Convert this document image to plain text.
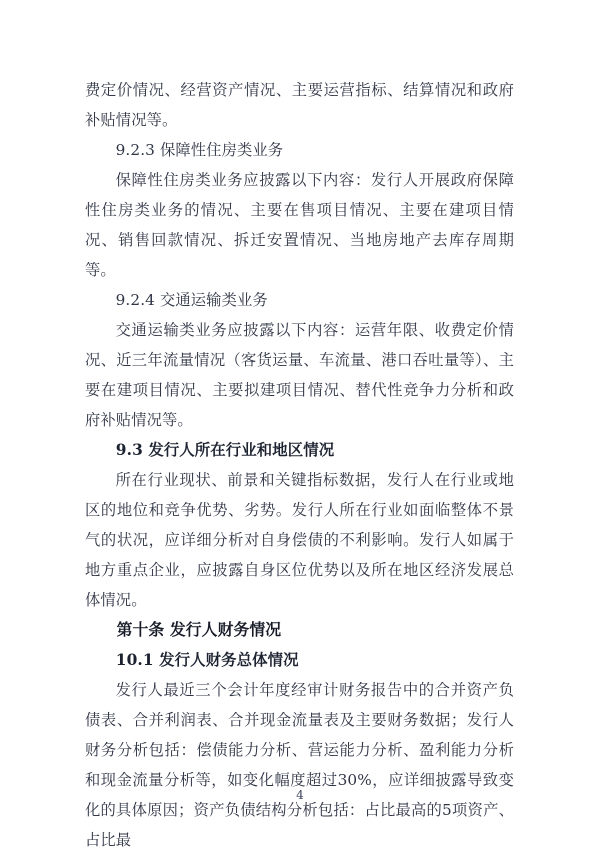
费定价情况、经营资产情况、主要运营指标、结算情况和政府补贴情况等。
9.2.3 保障性住房类业务
保障性住房类业务应披露以下内容：发行人开展政府保障性住房类业务的情况、主要在售项目情况、主要在建项目情况、销售回款情况、拆迁安置情况、当地房地产去库存周期等。
9.2.4 交通运输类业务
交通运输类业务应披露以下内容：运营年限、收费定价情况、近三年流量情况（客货运量、车流量、港口吞吐量等）、主要在建项目情况、主要拟建项目情况、替代性竞争力分析和政府补贴情况等。
9.3 发行人所在行业和地区情况
所在行业现状、前景和关键指标数据，发行人在行业或地区的地位和竞争优势、劣势。发行人所在行业如面临整体不景气的状况，应详细分析对自身偿债的不利影响。发行人如属于地方重点企业，应披露自身区位优势以及所在地区经济发展总体情况。
第十条 发行人财务情况
10.1 发行人财务总体情况
发行人最近三个会计年度经审计财务报告中的合并资产负债表、合并利润表、合并现金流量表及主要财务数据；发行人财务分析包括：偿债能力分析、营运能力分析、盈利能力分析和现金流量分析等，如变化幅度超过30%，应详细披露导致变化的具体原因；资产负债结构分析包括：占比最高的5项资产、占比最
4
